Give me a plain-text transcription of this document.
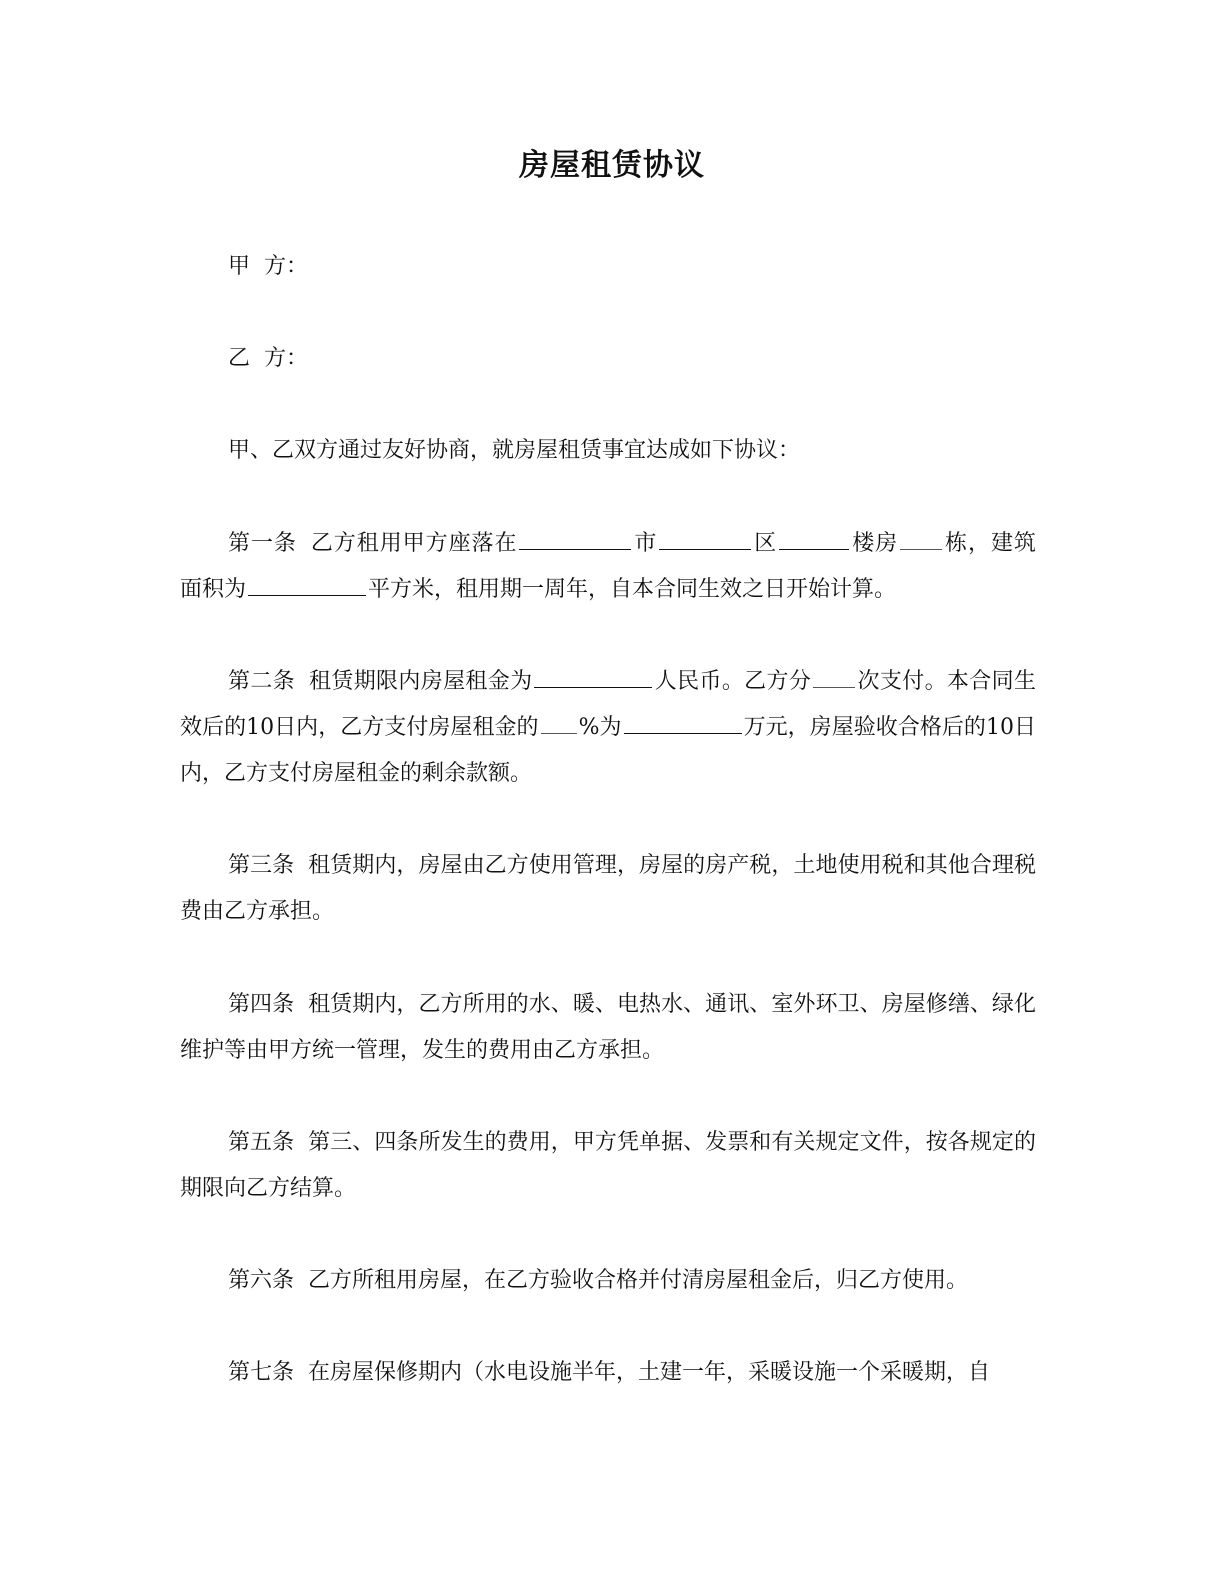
房屋租赁协议

甲  方：

乙  方：

甲、乙双方通过友好协商，就房屋租赁事宜达成如下协议：

第一条 乙方租用甲方座落在	市	区	楼房 栋，建筑面积为	平方米，租用期一周年，自本合同生效之日开始计算。

第二条 租赁期限内房屋租金为	人民币。乙方分 次支付。本合同生效后的10日内，乙方支付房屋租金的 %为	万元，房屋验收合格后的10日内，乙方支付房屋租金的剩余款额。

第三条 租赁期内，房屋由乙方使用管理，房屋的房产税，土地使用税和其他合理税费由乙方承担。

第四条 租赁期内，乙方所用的水、暖、电热水、通讯、室外环卫、房屋修缮、绿化维护等由甲方统一管理，发生的费用由乙方承担。

第五条 第三、四条所发生的费用，甲方凭单据、发票和有关规定文件，按各规定的期限向乙方结算。

第六条 乙方所租用房屋，在乙方验收合格并付清房屋租金后，归乙方使用。

第七条 在房屋保修期内（水电设施半年，土建一年，采暖设施一个采暖期，自
